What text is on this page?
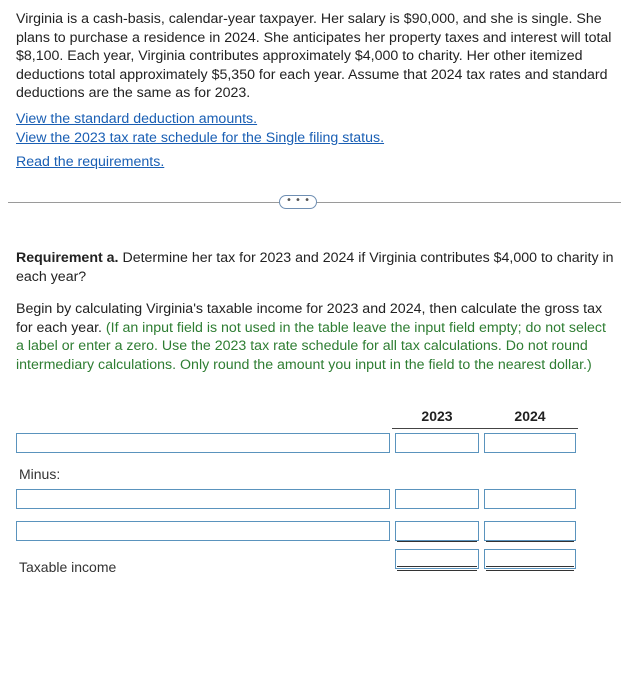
Virginia is a cash-basis, calendar-year taxpayer. Her salary is $90,000, and she is single. She plans to purchase a residence in 2024. She anticipates her property taxes and interest will total $8,100. Each year, Virginia contributes approximately $4,000 to charity. Her other itemized deductions total approximately $5,350 for each year. Assume that 2024 tax rates and standard deductions are the same as for 2023.
View the standard deduction amounts.
View the 2023 tax rate schedule for the Single filing status.
Read the requirements.
• • •
Requirement a. Determine her tax for 2023 and 2024 if Virginia contributes $4,000 to charity in each year?
Begin by calculating Virginia's taxable income for 2023 and 2024, then calculate the gross tax for each year. (If an input field is not used in the table leave the input field empty; do not select a label or enter a zero. Use the 2023 tax rate schedule for all tax calculations. Do not round intermediary calculations. Only round the amount you input in the field to the nearest dollar.)
2023	2024
Minus:
Taxable income
